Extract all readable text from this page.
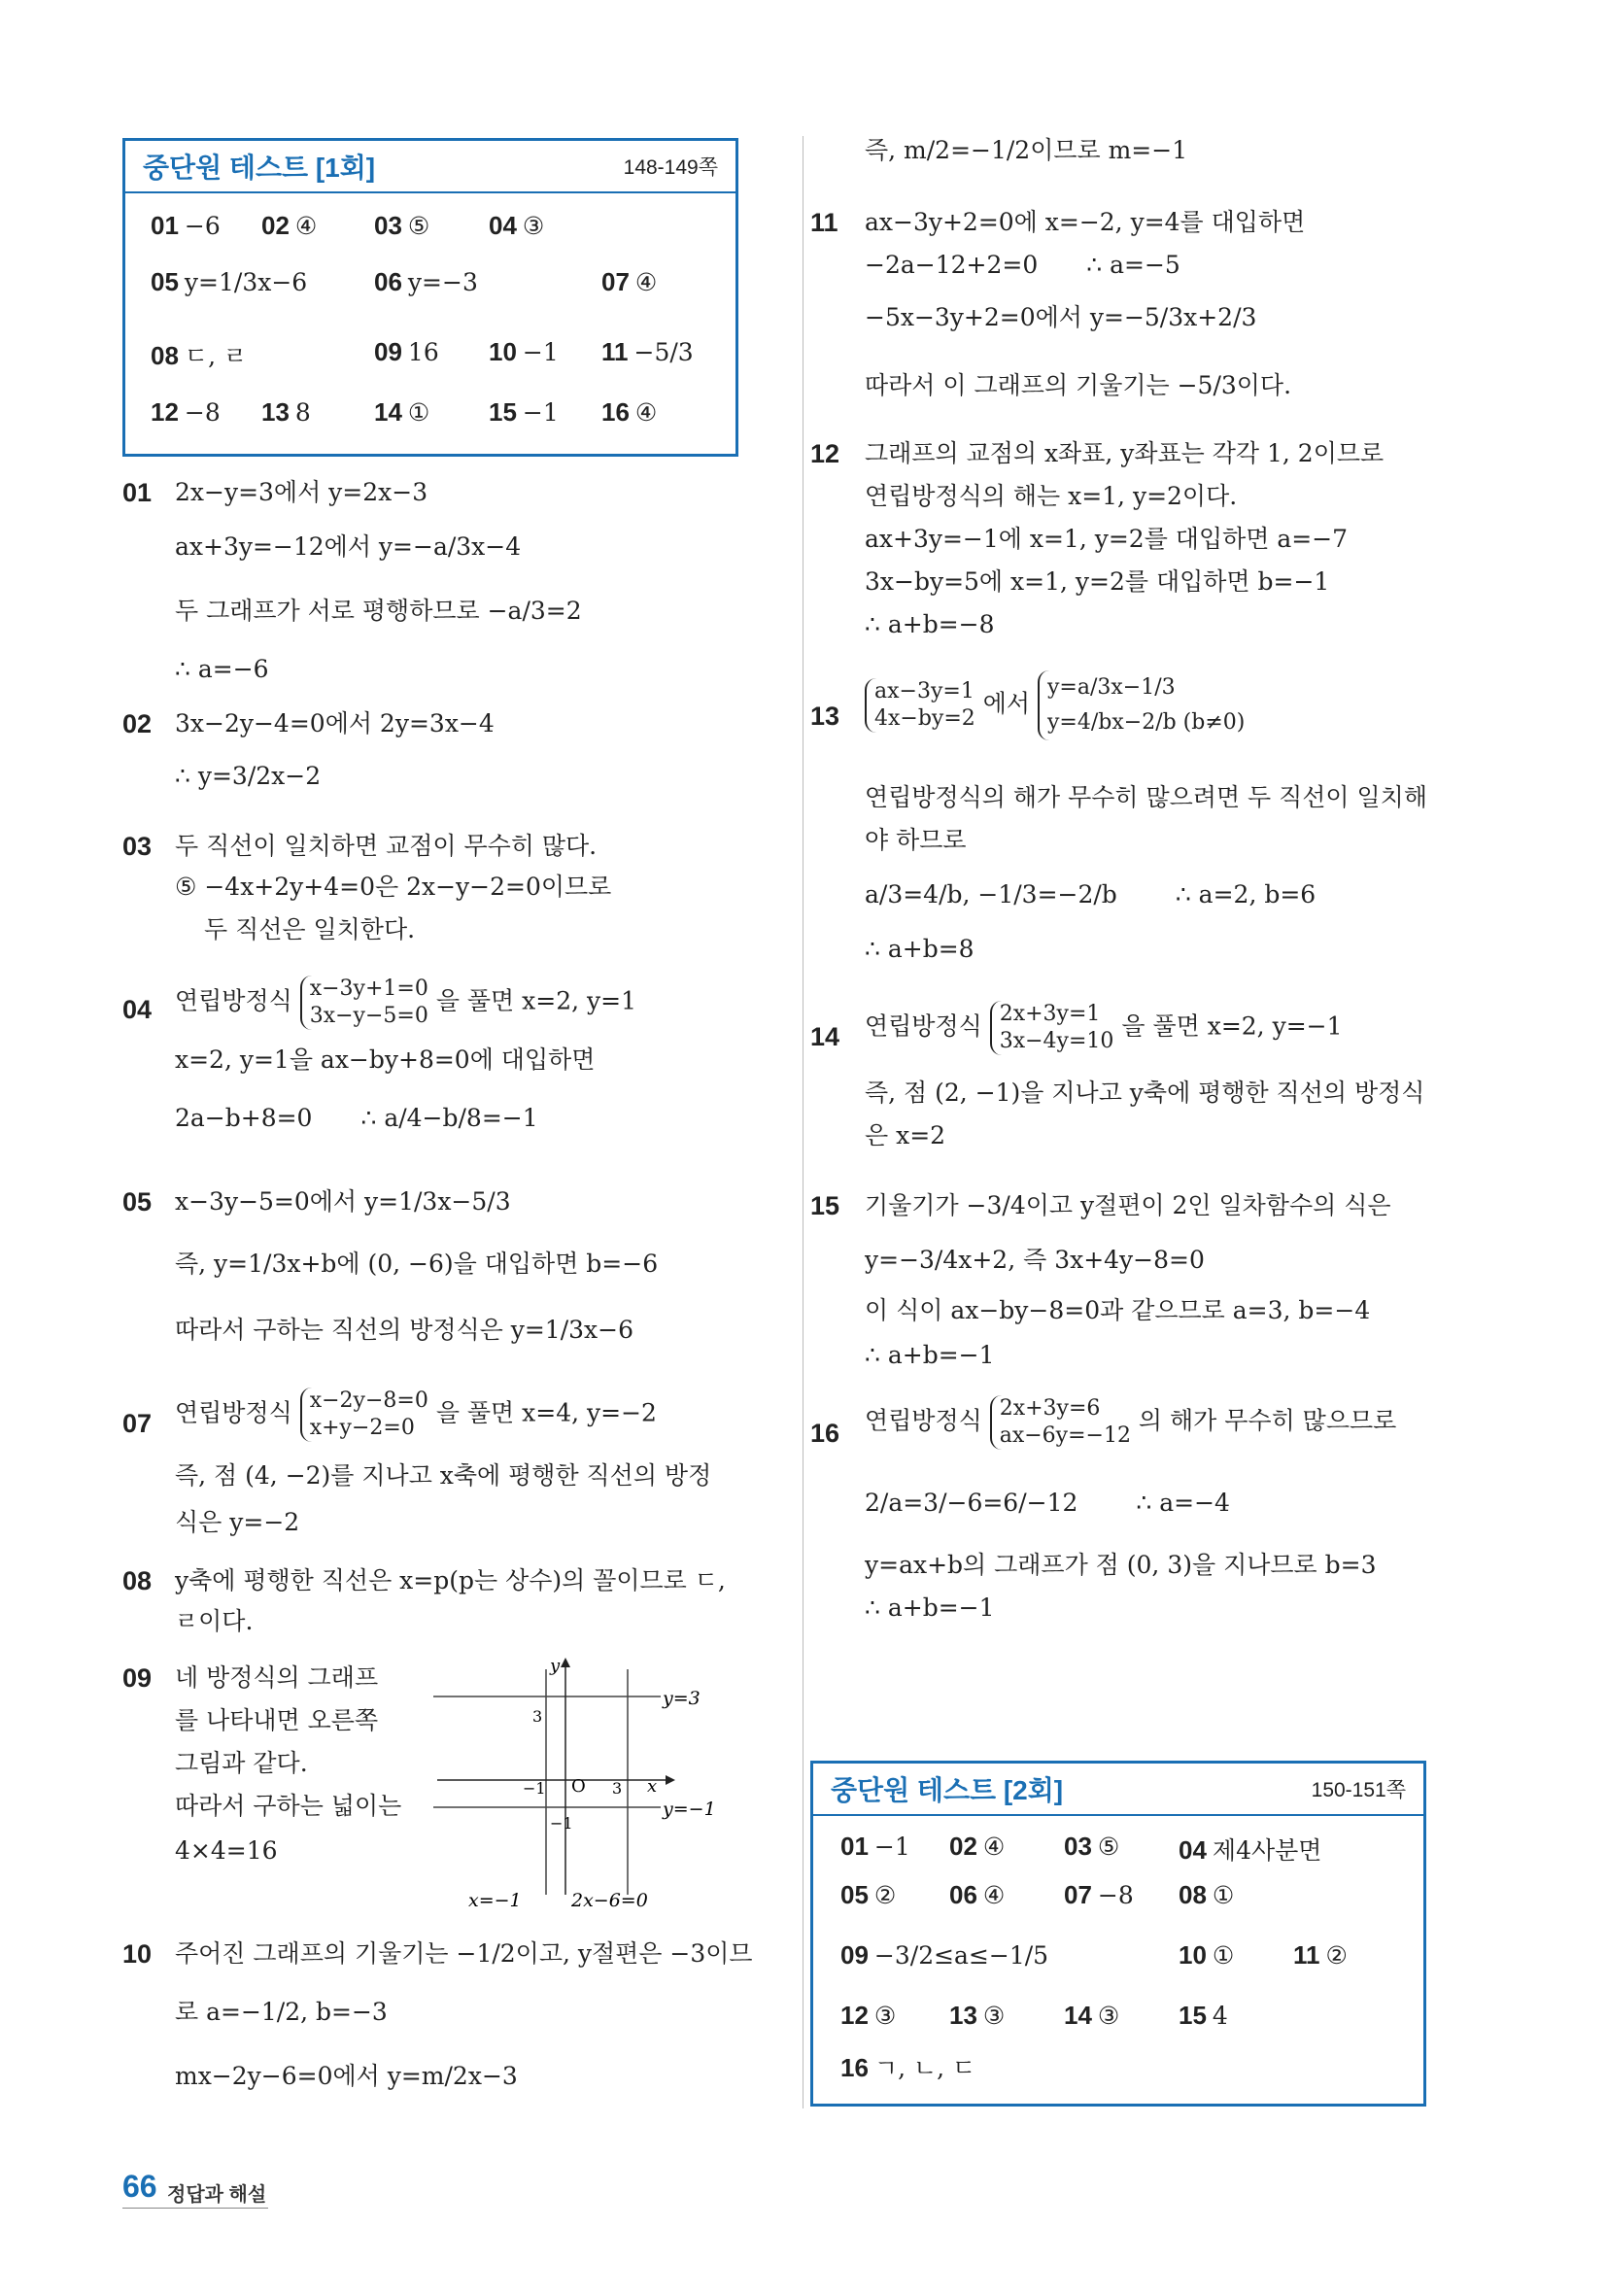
중단원 테스트 [1회]	148-149쪽
01 −6 02 ④ 03 ⑤ 04 ③
05 y=1/3x−6	06 y=−3	07 ④
08 ㄷ, ㄹ	09 16 10 −1 11 −5/3
12 −8 13 8	14 ① 15 −1 16 ④
01 2x−y=3에서 y=2x−3
ax+3y=−12에서 y=−a/3x−4
두 그래프가 서로 평행하므로 −a/3=2
∴ a=−6
02 3x−2y−4=0에서 2y=3x−4
∴ y=3/2x−2
03 두 직선이 일치하면 교점이 무수히 많다.
⑤ −4x+2y+4=0은 2x−y−2=0이므로
두 직선은 일치한다.
04 연립방정식 x−3y+1=0
3x−y−5=0 을 풀면 x=2, y=1
x=2, y=1을 ax−by+8=0에 대입하면
2a−b+8=0 ∴ a/4−b/8=−1
05 x−3y−5=0에서 y=1/3x−5/3
즉, y=1/3x+b에 (0, −6)을 대입하면 b=−6
따라서 구하는 직선의 방정식은 y=1/3x−6
07 연립방정식 x−2y−8=0
x+y−2=0 을 풀면 x=4, y=−2
즉, 점 (4, −2)를 지나고 x축에 평행한 직선의 방정
식은 y=−2
08 y축에 평행한 직선은 x=p(p는 상수)의 꼴이므로 ㄷ,
ㄹ이다.
09 네 방정식의 그래프
를 나타내면 오른쪽
그림과 같다.
따라서 구하는 넓이는
4×4=16
y
x
y=3
y=−1
x=−1	2x−6=0
O
3
−1	3
−1
10 주어진 그래프의 기울기는 −1/2이고, y절편은 −3이므
로 a=−1/2, b=−3
mx−2y−6=0에서 y=m/2x−3
즉, m/2=−1/2이므로 m=−1
11 ax−3y+2=0에 x=−2, y=4를 대입하면
−2a−12+2=0 ∴ a=−5
−5x−3y+2=0에서 y=−5/3x+2/3
따라서 이 그래프의 기울기는 −5/3이다.
12 그래프의 교점의 x좌표, y좌표는 각각 1, 2이므로
연립방정식의 해는 x=1, y=2이다.
ax+3y=−1에 x=1, y=2를 대입하면 a=−7
3x−by=5에 x=1, y=2를 대입하면 b=−1
∴ a+b=−8
13
ax−3y=1
4x−by=2 에서 y=a/3x−1/3
y=4/bx−2/b (b≠0)
연립방정식의 해가 무수히 많으려면 두 직선이 일치해
야 하므로
a/3=4/b, −1/3=−2/b ∴ a=2, b=6
∴ a+b=8
14 연립방정식 2x+3y=1
3x−4y=10 을 풀면 x=2, y=−1
즉, 점 (2, −1)을 지나고 y축에 평행한 직선의 방정식
은 x=2
15 기울기가 −3/4이고 y절편이 2인 일차함수의 식은
y=−3/4x+2, 즉 3x+4y−8=0
이 식이 ax−by−8=0과 같으므로 a=3, b=−4
∴ a+b=−1
16 연립방정식 2x+3y=6
ax−6y=−12 의 해가 무수히 많으므로
2/a=3/−6=6/−12 ∴ a=−4
y=ax+b의 그래프가 점 (0, 3)을 지나므로 b=3
∴ a+b=−1
중단원 테스트 [2회]	150-151쪽
01 −1 02 ④ 03 ⑤ 04 제4사분면
05 ② 06 ④ 07 −8 08 ①
09 −3/2≤a≤−1/5	10 ① 11 ②
12 ③ 13 ③ 14 ③ 15 4
16 ㄱ, ㄴ, ㄷ
66 정답과 해설
